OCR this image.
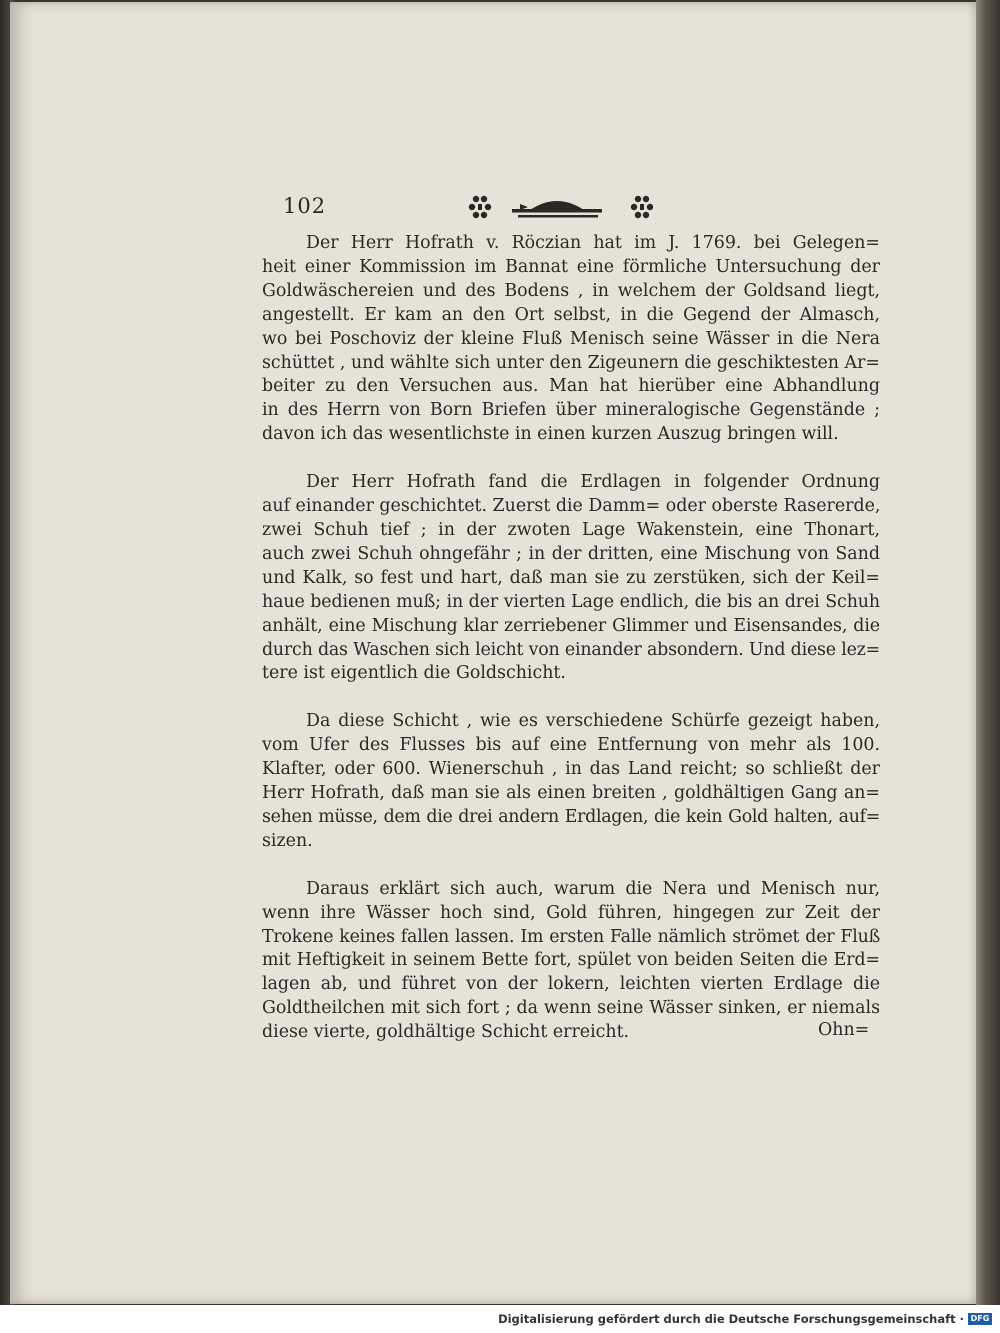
102

Der Herr Hofrath v. Röczian hat im J. 1769. bei Gelegen=
heit einer Kommission im Bannat eine förmliche Untersuchung der
Goldwäschereien und des Bodens , in welchem der Goldsand liegt,
angestellt. Er kam an den Ort selbst, in die Gegend der Almasch,
wo bei Poschoviz der kleine Fluß Menisch seine Wässer in die Nera
schüttet , und wählte sich unter den Zigeunern die geschiktesten Ar=
beiter zu den Versuchen aus. Man hat hierüber eine Abhandlung
in des Herrn von Born Briefen über mineralogische Gegenstände ;
davon ich das wesentlichste in einen kurzen Auszug bringen will.

Der Herr Hofrath fand die Erdlagen in folgender Ordnung
auf einander geschichtet. Zuerst die Damm= oder oberste Rasererde,
zwei Schuh tief ; in der zwoten Lage Wakenstein, eine Thonart,
auch zwei Schuh ohngefähr ; in der dritten, eine Mischung von Sand
und Kalk, so fest und hart, daß man sie zu zerstüken, sich der Keil=
haue bedienen muß; in der vierten Lage endlich, die bis an drei Schuh
anhält, eine Mischung klar zerriebener Glimmer und Eisensandes, die
durch das Waschen sich leicht von einander absondern. Und diese lez=
tere ist eigentlich die Goldschicht.

Da diese Schicht , wie es verschiedene Schürfe gezeigt haben,
vom Ufer des Flusses bis auf eine Entfernung von mehr als 100.
Klafter, oder 600. Wienerschuh , in das Land reicht; so schließt der
Herr Hofrath, daß man sie als einen breiten , goldhältigen Gang an=
sehen müsse, dem die drei andern Erdlagen, die kein Gold halten, auf=
sizen.

Daraus erklärt sich auch, warum die Nera und Menisch nur,
wenn ihre Wässer hoch sind, Gold führen, hingegen zur Zeit der
Trokene keines fallen lassen. Im ersten Falle nämlich strömet der Fluß
mit Heftigkeit in seinem Bette fort, spület von beiden Seiten die Erd=
lagen ab, und führet von der lokern, leichten vierten Erdlage die
Goldtheilchen mit sich fort ; da wenn seine Wässer sinken, er niemals
diese vierte, goldhältige Schicht erreicht.	Ohn=
Digitalisierung gefördert durch die Deutsche Forschungsgemeinschaft · DFG
